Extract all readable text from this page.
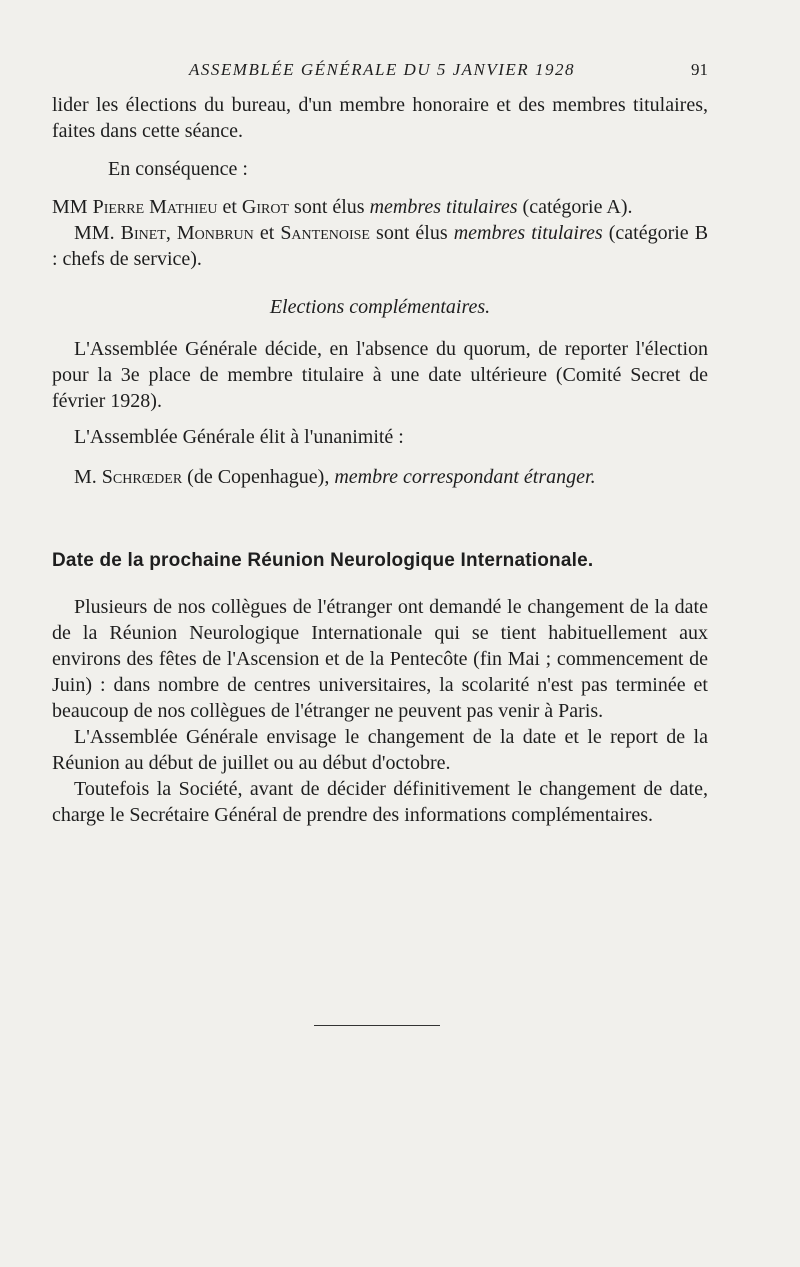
ASSEMBLÉE GÉNÉRALE DU 5 JANVIER 1928	91

lider les élections du bureau, d'un membre honoraire et des membres titulaires, faites dans cette séance.

En conséquence :

MM Pierre Mathieu et Girot sont élus membres titulaires (catégorie A).

MM. Binet, Monbrun et Santenoise sont élus membres titulaires (catégorie B : chefs de service).

Elections complémentaires.

L'Assemblée Générale décide, en l'absence du quorum, de reporter l'élection pour la 3e place de membre titulaire à une date ultérieure (Comité Secret de février 1928).

L'Assemblée Générale élit à l'unanimité :

M. Schrœder (de Copenhague), membre correspondant étranger.

Date de la prochaine Réunion Neurologique Internationale.

Plusieurs de nos collègues de l'étranger ont demandé le changement de la date de la Réunion Neurologique Internationale qui se tient habituellement aux environs des fêtes de l'Ascension et de la Pentecôte (fin Mai ; commencement de Juin) : dans nombre de centres universitaires, la scolarité n'est pas terminée et beaucoup de nos collègues de l'étranger ne peuvent pas venir à Paris.

L'Assemblée Générale envisage le changement de la date et le report de la Réunion au début de juillet ou au début d'octobre.

Toutefois la Société, avant de décider définitivement le changement de date, charge le Secrétaire Général de prendre des informations complémentaires.
